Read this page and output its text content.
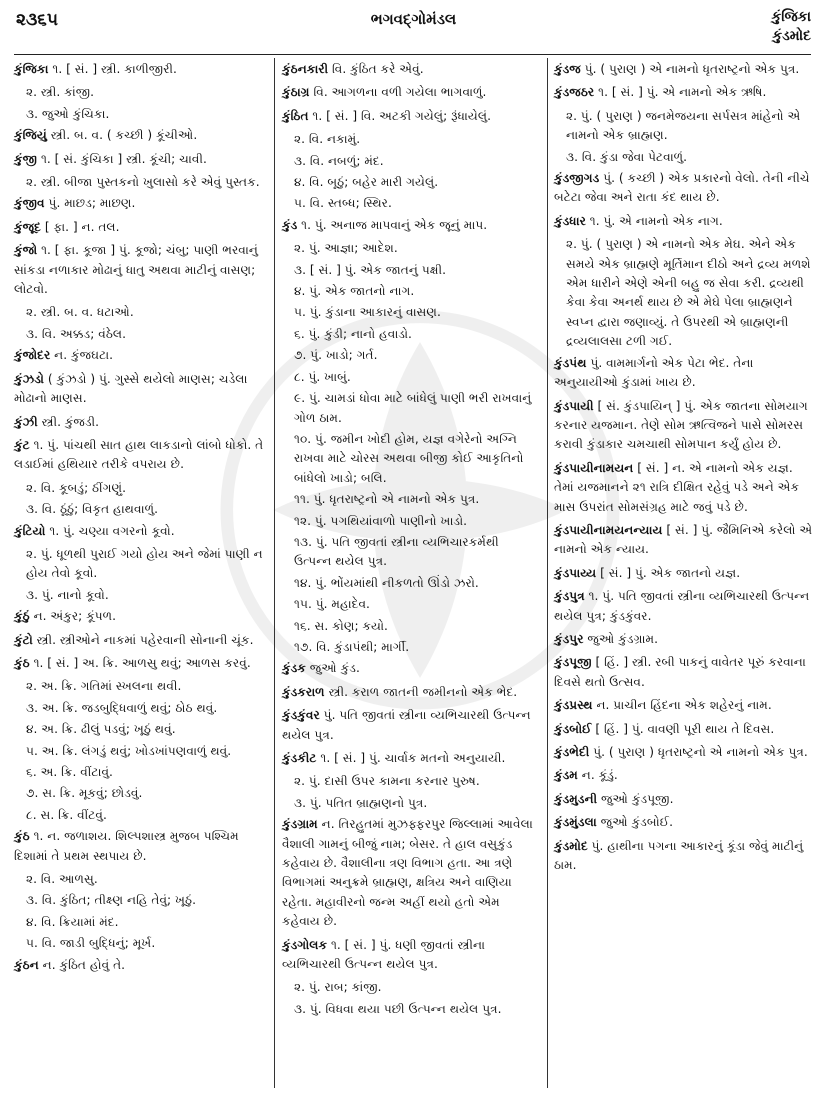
૨૩૬૫	ભગવદ્ગોમંડલ	કુંજિકા
કુંડમોદ
કુંજિકા ૧. [ સં. ] સ્ત્રી. કાળીજીરી.
૨. સ્ત્રી. કાંજી.
૩. જુઓ કુંચિકા.
કુંજિયું સ્ત્રી. બ. વ. ( કચ્છી ) કૂંચીઓ.
કુંજી ૧. [ સં. કુંચિકા ] સ્ત્રી. કૂંચી; ચાવી.
૨. સ્ત્રી. બીજા પુસ્તકનો ખુલાસો કરે એવું પુસ્તક.
કુંજીવ પું. માછડ; માછણ.
કુંજૂદ [ ફા. ] ન. તલ.
કુંજો ૧. [ ફા. કૂજા ] પું. કૂજો; ચંબુ; પાણી ભરવાનું સાંકડા નળાકાર મોઢાનું ધાતુ અથવા માટીનું વાસણ; લોટવો.
૨. સ્ત્રી. બ. વ. ધટાઓ.
૩. વિ. અક્કડ; વંઠેલ.
કુંજોદર ન. કુંજઘટા.
કુંઝડો ( કુંઝડો ) પું. ગુસ્સે થયેલો માણસ; ચડેલા મોઢાનો માણસ.
કુંઝી સ્ત્રી. કુંજડી.
કુંટ ૧. પું. પાંચથી સાત હાથ લાકડાનો લાંબો ધોકો. તે લડાઈમાં હથિયાર તરીકે વપરાય છે.
૨. વિ. કૂબડું; ઠીંગણું.
૩. વિ. ઠૂંઠું; વિકૃત હાથવાળું.
કુંટિયો ૧. પું. ચણ્યા વગરનો કૂવો.
૨. પું. ધૂળથી પુરાઈ ગયો હોય અને જેમાં પાણી ન હોય તેવો કૂવો.
૩. પું. નાનો કૂવો.
કુંઠું ન. અંકુર; કૂંપળ.
કુંટો સ્ત્રી. સ્ત્રીઓને નાકમાં પહેરવાની સોનાની ચૂંક.
કુંઠ ૧. [ સં. ] અ. ક્રિ. આળસુ થવું; આળસ કરવું.
૨. અ. ક્રિ. ગતિમાં સ્ખલના થવી.
૩. અ. ક્રિ. જડબુદ્ધિવાળું થવું; ઠોઠ થવું.
૪. અ. ક્રિ. ઢીલું પડવું; ખૂઠું થવું.
૫. અ. ક્રિ. લંગડું થવું; ખોડખાંપણવાળું થવું.
૬. અ. ક્રિ. વીંટાવું.
૭. સ. ક્રિ. મૂકવું; છોડવું.
૮. સ. ક્રિ. વીંટવું.
કુંઠ ૧. ન. જળાશય. શિલ્પશાસ્ત્ર મુજબ પશ્ચિમ દિશામાં તે પ્રથમ સ્થપાય છે.
૨. વિ. આળસુ.
૩. વિ. કુંઠિત; તીક્ષ્ણ નહિ તેવું; ખૂઠું.
૪. વિ. ક્રિયામાં મંદ.
૫. વિ. જાડી બુદ્ધિનું; મૂર્ખ.
કુંઠન ન. કુંઠિત હોવું તે.
કુંઠનકારી વિ. કુંઠિત કરે એવું.
કુંઠાગ્ર વિ. આગળના વળી ગયેલા ભાગવાળું.
કુંઠિત ૧. [ સં. ] વિ. અટકી ગયેલું; રૂંધાયેલું.
૨. વિ. નકામું.
૩. વિ. નબળું; મંદ.
૪. વિ. બૂઠું; બહેર મારી ગયેલું.
૫. વિ. સ્તબ્ધ; સ્થિર.
કુંડ ૧. પું. અનાજ માપવાનું એક જૂનું માપ.
૨. પું. આજ્ઞા; આદેશ.
૩. [ સં. ] પું. એક જાતનું પક્ષી.
૪. પું. એક જાતનો નાગ.
૫. પું. કુંડાના આકારનું વાસણ.
૬. પું. કુંડી; નાનો હવાડો.
૭. પું. ખાડો; ગર્ત.
૮. પું. ખાબું.
૯. પું. ચામડાં ધોવા માટે બાંધેલું પાણી ભરી રાખવાનું ગોળ ઠામ.
૧૦. પું. જમીન ખોદી હોમ, યજ્ઞ વગેરેનો અગ્નિ રાખવા માટે ચોરસ અથવા બીજી કોઈ આકૃતિનો બાંધેલો ખાડો; બલિ.
૧૧. પું. ધૃતરાષ્ટ્રનો એ નામનો એક પુત્ર.
૧૨. પું. પગથિયાંવાળો પાણીનો ખાડો.
૧૩. પું. પતિ જીવતાં સ્ત્રીના વ્યભિચારકર્મથી ઉત્પન્ન થયેલ પુત્ર.
૧૪. પું. ભોંયમાંથી નીકળતો ઊંડો ઝરો.
૧૫. પું. મહાદેવ.
૧૬. સ. કોણ; કયો.
૧૭. વિ. કુંડાપંથી; માર્ગી.
કુંડક જુઓ કુંડ.
કુંડકરાળ સ્ત્રી. કરાળ જાતની જમીનનો એક ભેદ.
કુંડકુંવર પું. પતિ જીવતાં સ્ત્રીના વ્યભિચારથી ઉત્પન્ન થયેલ પુત્ર.
કુંડકીટ ૧. [ સં. ] પું. ચાર્વાક મતનો અનુયાયી.
૨. પું. દાસી ઉપર કામના કરનાર પુરુષ.
૩. પું. પતિત બ્રાહ્મણનો પુત્ર.
કુંડગ્રામ ન. તિરહુતમાં મુઝફ્ફરપુર જિલ્લામાં આવેલા વૈશાલી ગામનું બીજું નામ; બેસર. તે હાલ વસુકુંડ કહેવાય છે. વૈશાલીના ત્રણ વિભાગ હતા. આ ત્રણે વિભાગમાં અનુક્રમે બ્રાહ્મણ, ક્ષત્રિય અને વાણિયા રહેતા. મહાવીરનો જન્મ અહીં થયો હતો એમ કહેવાય છે.
કુંડગોલક ૧. [ સં. ] પું. ધણી જીવતાં સ્ત્રીના વ્યભિચારથી ઉત્પન્ન થયેલ પુત્ર.
૨. પું. રાબ; કાંજી.
૩. પું. વિધવા થયા પછી ઉત્પન્ન થયેલ પુત્ર.
કુંડજ પું. ( પુરાણ ) એ નામનો ધૃતરાષ્ટ્રનો એક પુત્ર.
કુંડજઠર ૧. [ સં. ] પું. એ નામનો એક ઋષિ.
૨. પું. ( પુરાણ ) જનમેજયના સર્પસત્ર માંહેનો એ નામનો એક બ્રાહ્મણ.
૩. વિ. કુંડા જેવા પેટવાળું.
કુંડજીગડ પું. ( કચ્છી ) એક પ્રકારનો વેલો. તેની નીચે બટેટા જેવા અને રાતા કંદ થાય છે.
કુંડધાર ૧. પું. એ નામનો એક નાગ.
૨. પું. ( પુરાણ ) એ નામનો એક મેઘ. એને એક સમયે એક બ્રાહ્મણે મૂર્તિમાન દીઠો અને દ્રવ્ય મળશે એમ ધારીને એણે એની બહુ જ સેવા કરી. દ્રવ્યથી કેવા કેવા અનર્થ થાય છે એ મેઘે પેલા બ્રાહ્મણને સ્વપ્ન દ્વારા જણાવ્યું. તે ઉપરથી એ બ્રાહ્મણની દ્રવ્યલાલસા ટળી ગઈ.
કુંડપંથ પું. વામમાર્ગનો એક પેટા ભેદ. તેના અનુયાયીઓ કુંડામાં ખાય છે.
કુંડપાયી [ સં. કુંડપાયિન્ ] પું. એક જાતના સોમયાગ કરનાર યજમાન. તેણે સોમ ઋત્વિજને પાસે સોમરસ કરાવી કુંડાકાર ચમચાથી સોમપાન કર્યું હોય છે.
કુંડપાયીનામયન [ સં. ] ન. એ નામનો એક યજ્ઞ. તેમાં યજમાનને ૨૧ રાત્રિ દીક્ષિત રહેવું પડે અને એક માસ ઉપરાંત સોમસંગ્રહ માટે જવું પડે છે.
કુંડપાયીનામયનન્યાય [ સં. ] પું. જૈમિનિએ કરેલો એ નામનો એક ન્યાય.
કુંડપાય્ય [ સં. ] પું. એક જાતનો યજ્ઞ.
કુંડપુત્ર ૧. પું. પતિ જીવતાં સ્ત્રીના વ્યભિચારથી ઉત્પન્ન થયેલ પુત્ર; કુંડકુંવર.
કુંડપુર જુઓ કુંડગ્રામ.
કુંડપૂજી [ હિં. ] સ્ત્રી. રબી પાકનું વાવેતર પૂરું કરવાના દિવસે થતો ઉત્સવ.
કુંડપ્રસ્થ ન. પ્રાચીન હિંદના એક શહેરનું નામ.
કુંડબોઈ [ હિં. ] પું. વાવણી પૂરી થાય તે દિવસ.
કુંડભેદી પું. ( પુરાણ ) ધૃતરાષ્ટ્રનો એ નામનો એક પુત્ર.
કુંડમ ન. કૂંડું.
કુંડમુડની જુઓ કુંડપૂજી.
કુંડમુંડલા જુઓ કુંડબોઈ.
કુંડમોદ પું. હાથીના પગના આકારનું કૂંડા જેવું માટીનું ઠામ.
